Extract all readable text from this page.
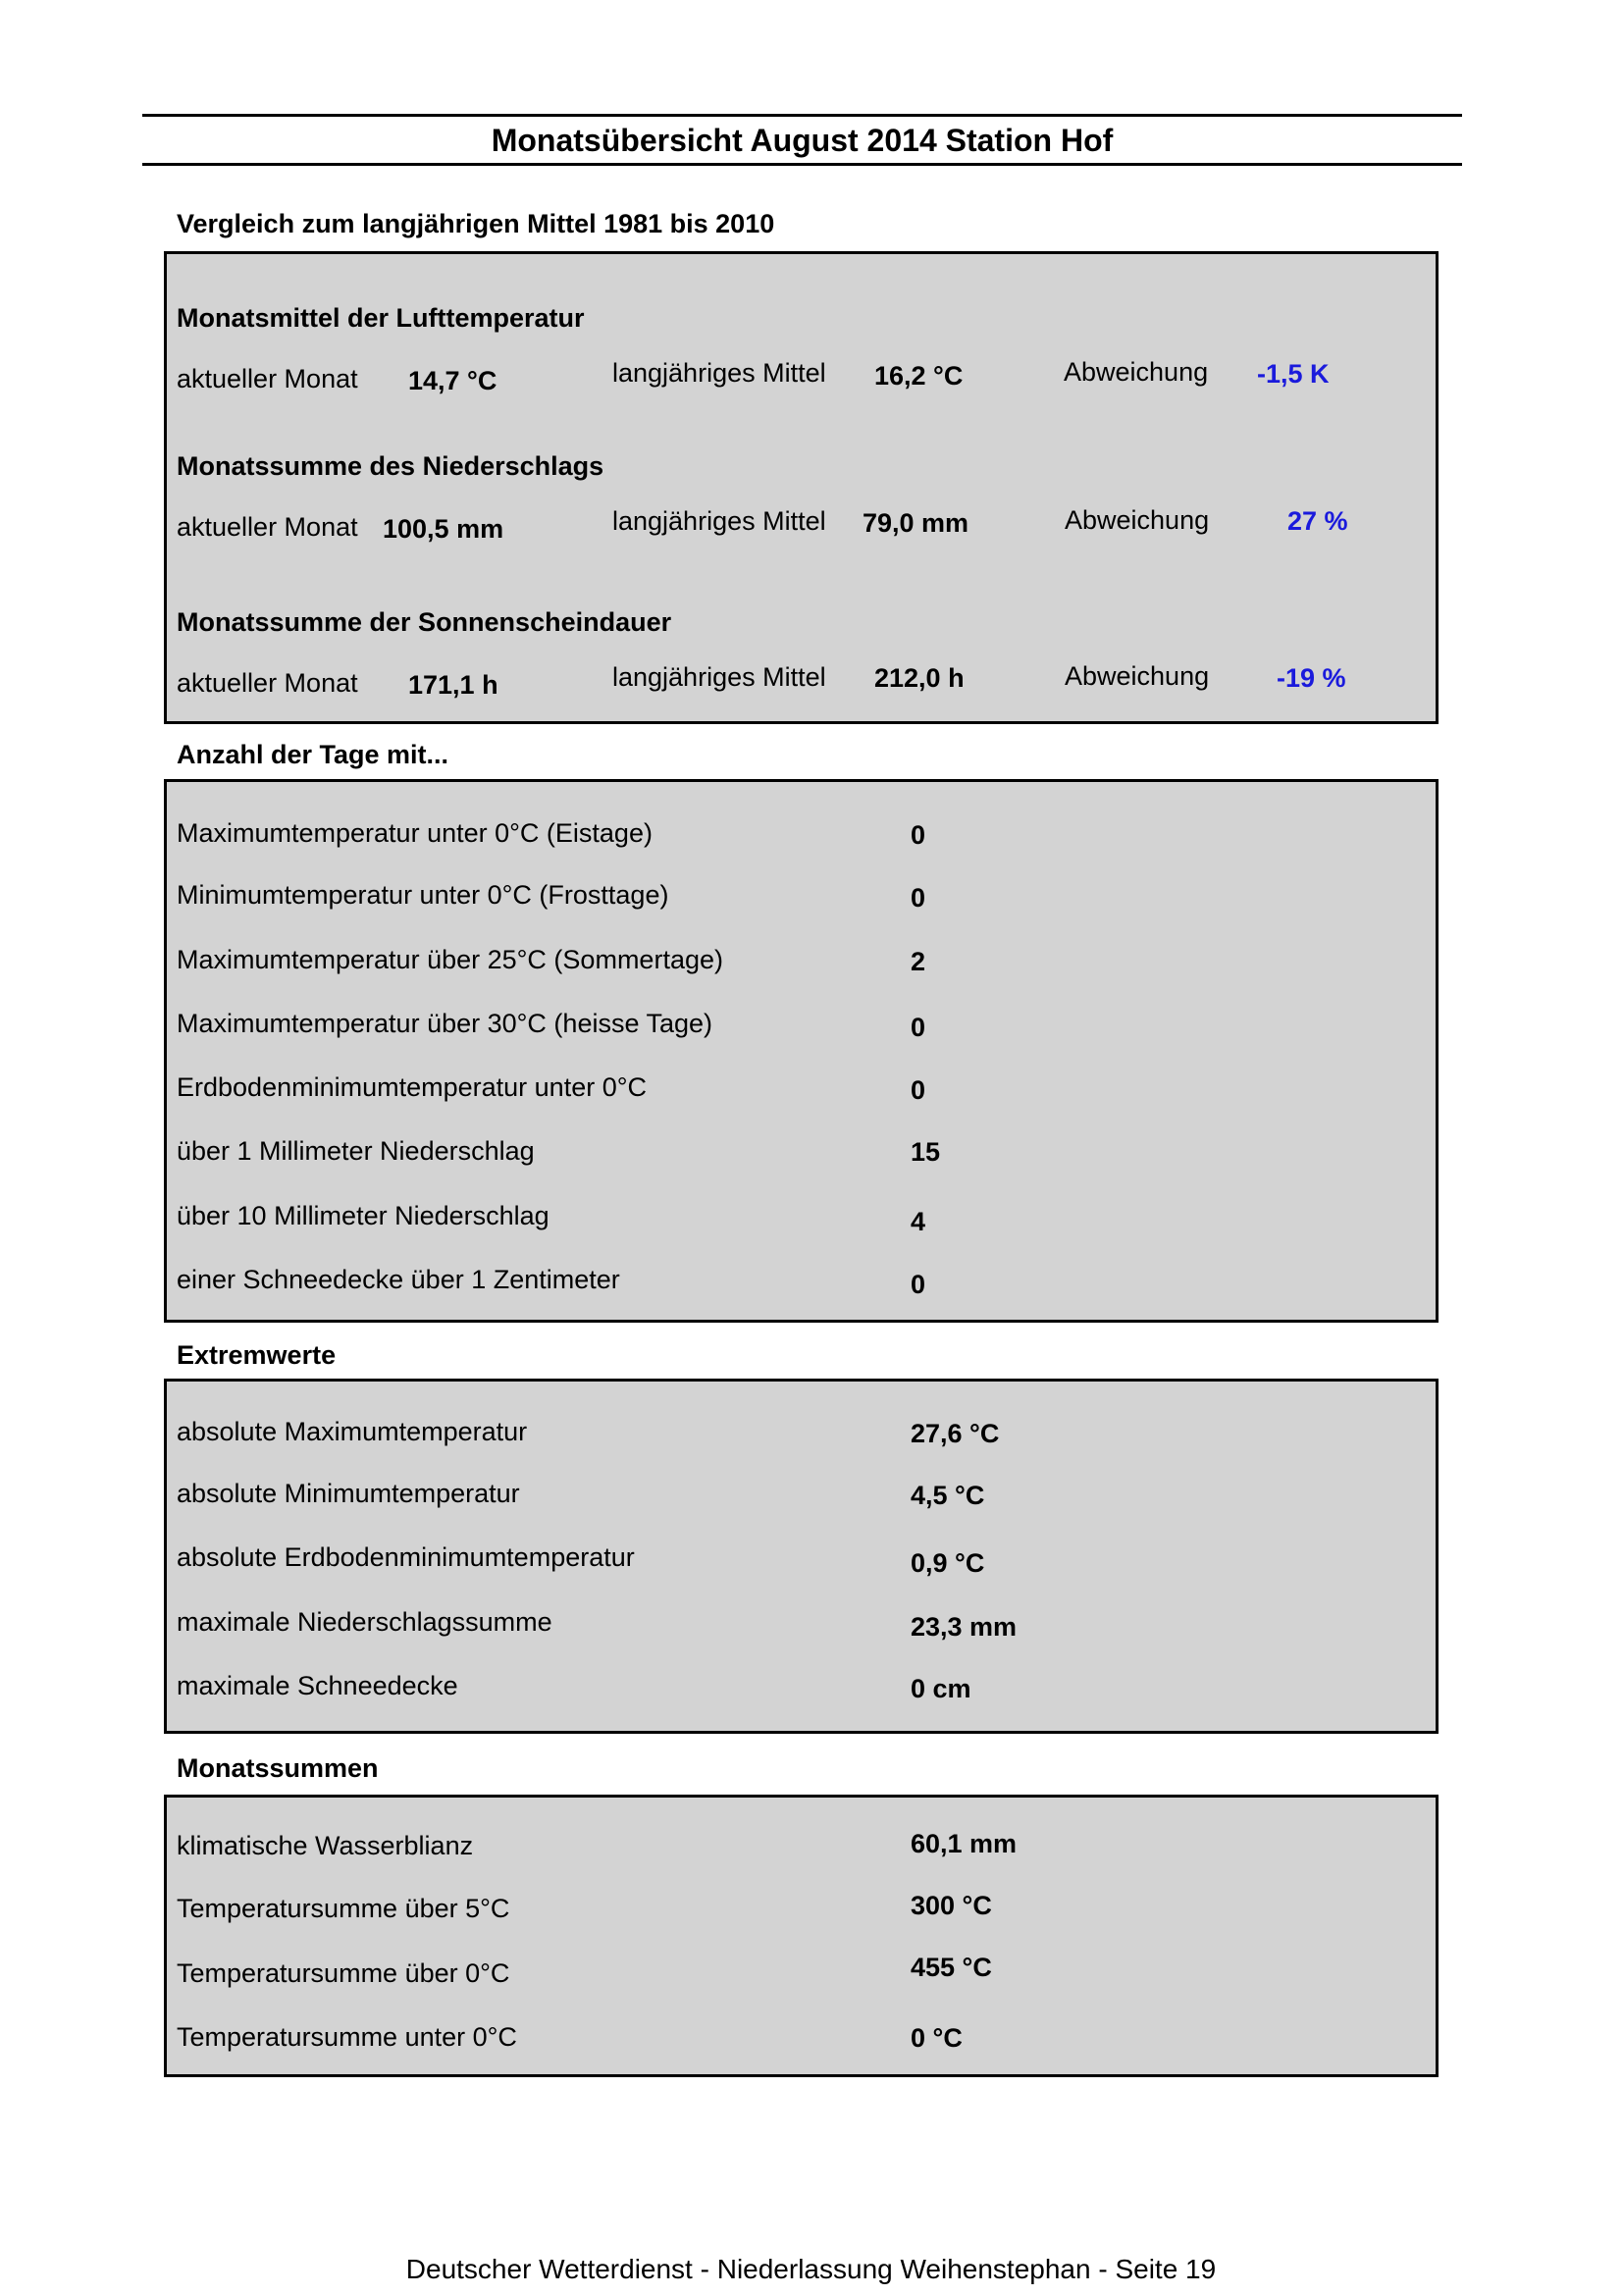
Monatsübersicht August 2014 Station Hof
Vergleich zum langjährigen Mittel 1981 bis 2010
Monatsmittel der Lufttemperatur
aktueller Monat 14,7 °C	langjähriges Mittel 16,2 °C	Abweichung -1,5 K
Monatssumme des Niederschlags
aktueller Monat 100,5 mm	langjähriges Mittel 79,0 mm	Abweichung	27 %
Monatssumme der Sonnenscheindauer
aktueller Monat 171,1 h	langjähriges Mittel 212,0 h	Abweichung	-19 %
Anzahl der Tage mit...
Maximumtemperatur unter 0°C (Eistage)	0
Minimumtemperatur unter 0°C (Frosttage)	0
Maximumtemperatur über 25°C (Sommertage)	2
Maximumtemperatur über 30°C (heisse Tage)	0
Erdbodenminimumtemperatur unter 0°C	0
über 1 Millimeter Niederschlag	15
über 10 Millimeter Niederschlag	4
einer Schneedecke über 1 Zentimeter	0
Extremwerte
absolute Maximumtemperatur	27,6 °C
absolute Minimumtemperatur	4,5 °C
absolute Erdbodenminimumtemperatur	0,9 °C
maximale Niederschlagssumme	23,3 mm
maximale Schneedecke	0 cm
Monatssummen
klimatische Wasserblianz	60,1 mm
Temperatursumme über 5°C	300 °C
Temperatursumme über 0°C	455 °C
Temperatursumme unter 0°C	0 °C
Deutscher Wetterdienst - Niederlassung Weihenstephan - Seite 19
